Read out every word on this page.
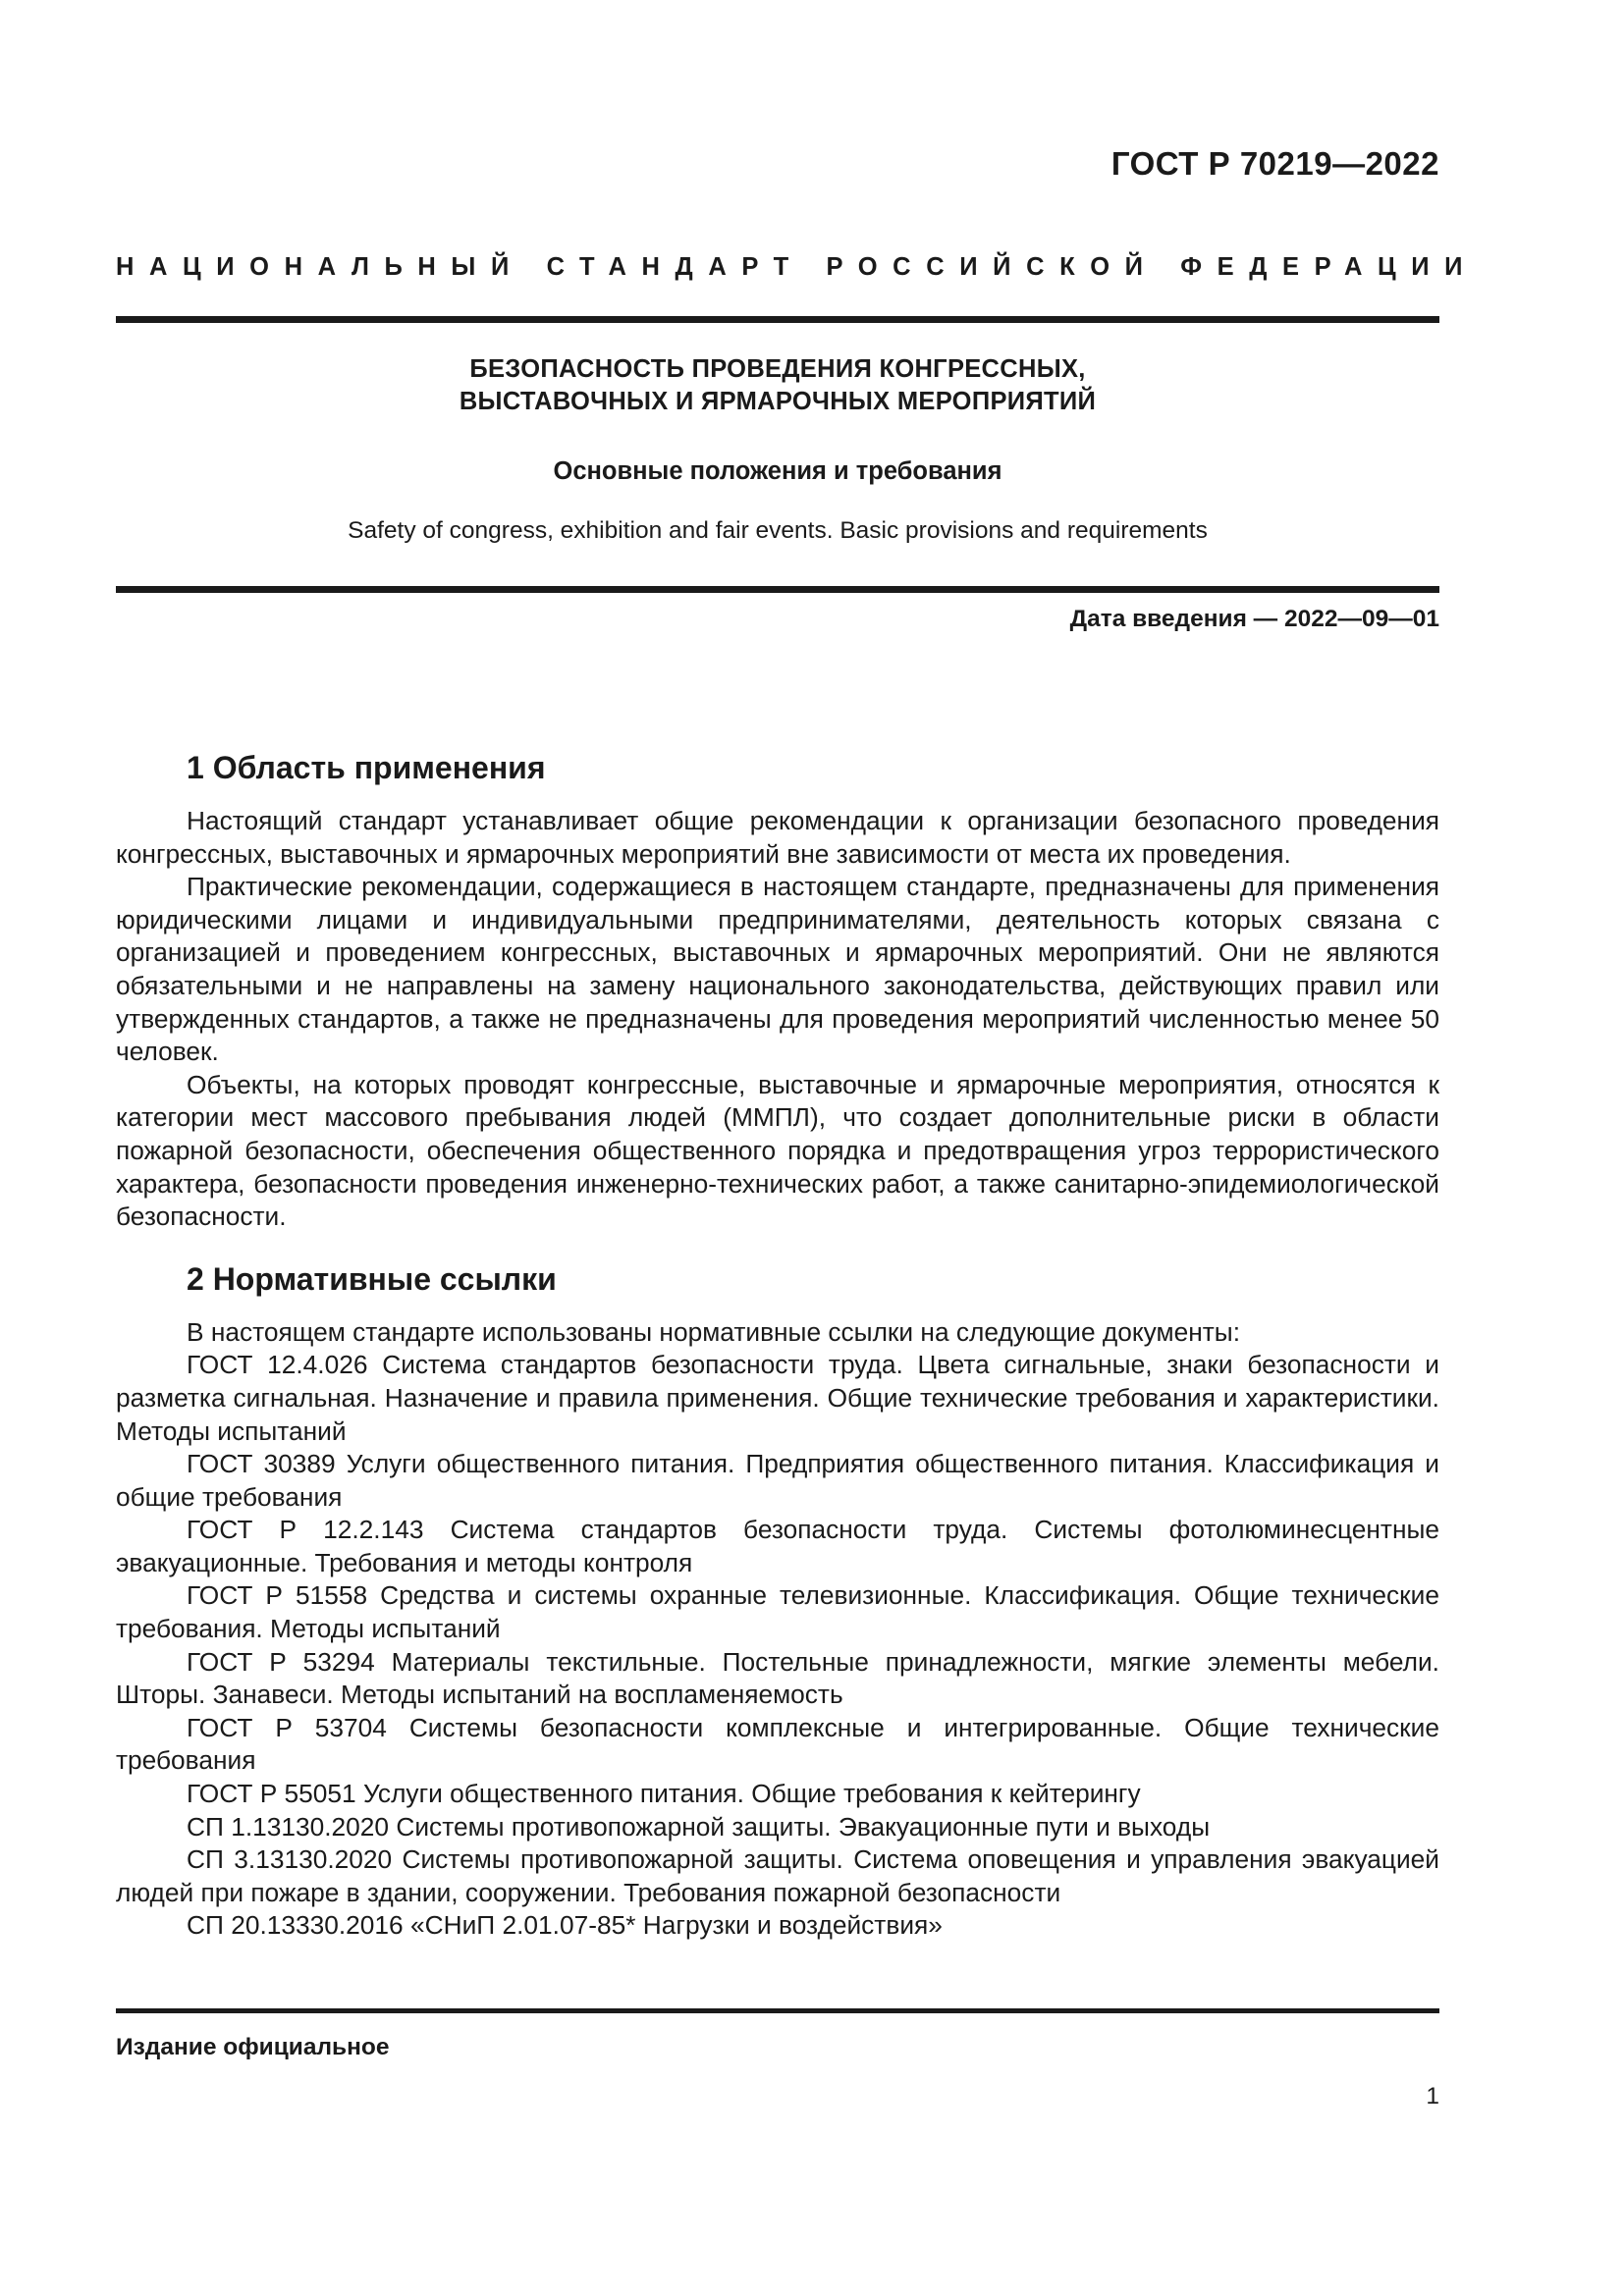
ГОСТ Р 70219—2022
НАЦИОНАЛЬНЫЙ СТАНДАРТ РОССИЙСКОЙ ФЕДЕРАЦИИ
БЕЗОПАСНОСТЬ ПРОВЕДЕНИЯ КОНГРЕССНЫХ,
ВЫСТАВОЧНЫХ И ЯРМАРОЧНЫХ МЕРОПРИЯТИЙ
Основные положения и требования
Safety of congress, exhibition and fair events. Basic provisions and requirements
Дата введения — 2022—09—01
1 Область применения

Настоящий стандарт устанавливает общие рекомендации к организации безопасного проведения конгрессных, выставочных и ярмарочных мероприятий вне зависимости от места их проведения.

Практические рекомендации, содержащиеся в настоящем стандарте, предназначены для применения юридическими лицами и индивидуальными предпринимателями, деятельность которых связана с организацией и проведением конгрессных, выставочных и ярмарочных мероприятий. Они не являются обязательными и не направлены на замену национального законодательства, действующих правил или утвержденных стандартов, а также не предназначены для проведения мероприятий численностью менее 50 человек.

Объекты, на которых проводят конгрессные, выставочные и ярмарочные мероприятия, относятся к категории мест массового пребывания людей (ММПЛ), что создает дополнительные риски в области пожарной безопасности, обеспечения общественного порядка и предотвращения угроз террористического характера, безопасности проведения инженерно-технических работ, а также санитарно-эпидемиологической безопасности.

2 Нормативные ссылки

В настоящем стандарте использованы нормативные ссылки на следующие документы:

ГОСТ 12.4.026 Система стандартов безопасности труда. Цвета сигнальные, знаки безопасности и разметка сигнальная. Назначение и правила применения. Общие технические требования и характеристики. Методы испытаний

ГОСТ 30389 Услуги общественного питания. Предприятия общественного питания. Классификация и общие требования

ГОСТ Р 12.2.143 Система стандартов безопасности труда. Системы фотолюминесцентные эвакуационные. Требования и методы контроля

ГОСТ Р 51558 Средства и системы охранные телевизионные. Классификация. Общие технические требования. Методы испытаний

ГОСТ Р 53294 Материалы текстильные. Постельные принадлежности, мягкие элементы мебели. Шторы. Занавеси. Методы испытаний на воспламеняемость

ГОСТ Р 53704 Системы безопасности комплексные и интегрированные. Общие технические требования

ГОСТ Р 55051 Услуги общественного питания. Общие требования к кейтерингу

СП 1.13130.2020 Системы противопожарной защиты. Эвакуационные пути и выходы

СП 3.13130.2020 Системы противопожарной защиты. Система оповещения и управления эвакуацией людей при пожаре в здании, сооружении. Требования пожарной безопасности

СП 20.13330.2016 «СНиП 2.01.07-85* Нагрузки и воздействия»

Издание официальное
1
